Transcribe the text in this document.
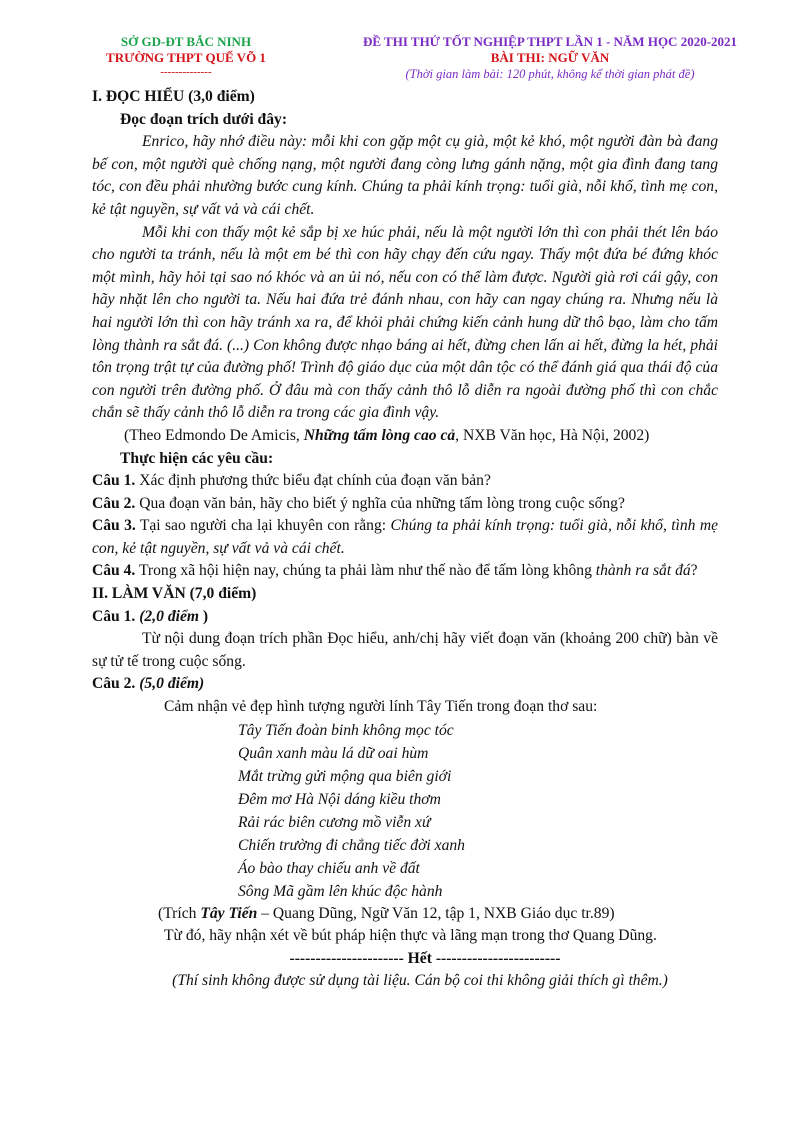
SỞ GD-ĐT BẮC NINH
TRƯỜNG THPT QUẾ VÕ 1
--------------
ĐỀ THI THỬ TỐT NGHIỆP THPT LẦN 1 - NĂM HỌC 2020-2021
BÀI THI: NGỮ VĂN
(Thời gian làm bài: 120 phút, không kể thời gian phát đề)

I. ĐỌC HIỂU (3,0 điểm)

Đọc đoạn trích dưới đây:

Enrico, hãy nhớ điều này: mỗi khi con gặp một cụ già, một kẻ khó, một người đàn bà đang bế con, một người què chống nạng, một người đang còng lưng gánh nặng, một gia đình đang tang tóc, con đều phải nhường bước cung kính. Chúng ta phải kính trọng: tuổi già, nỗi khổ, tình mẹ con, kẻ tật nguyền, sự vất vả và cái chết.

Mỗi khi con thấy một kẻ sắp bị xe húc phải, nếu là một người lớn thì con phải thét lên báo cho người ta tránh, nếu là một em bé thì con hãy chạy đến cứu ngay. Thấy một đứa bé đứng khóc một mình, hãy hỏi tại sao nó khóc và an ủi nó, nếu con có thể làm được. Người già rơi cái gậy, con hãy nhặt lên cho người ta. Nếu hai đứa trẻ đánh nhau, con hãy can ngay chúng ra. Nhưng nếu là hai người lớn thì con hãy tránh xa ra, để khỏi phải chứng kiến cảnh hung dữ thô bạo, làm cho tấm lòng thành ra sắt đá. (...) Con không được nhạo báng ai hết, đừng chen lấn ai hết, đừng la hét, phải tôn trọng trật tự của đường phố! Trình độ giáo dục của một dân tộc có thể đánh giá qua thái độ của con người trên đường phố. Ở đâu mà con thấy cảnh thô lỗ diễn ra ngoài đường phố thì con chắc chắn sẽ thấy cảnh thô lỗ diễn ra trong các gia đình vậy.

(Theo Edmondo De Amicis, Những tấm lòng cao cả, NXB Văn học, Hà Nội, 2002)

Thực hiện các yêu cầu:

Câu 1. Xác định phương thức biểu đạt chính của đoạn văn bản?

Câu 2. Qua đoạn văn bản, hãy cho biết ý nghĩa của những tấm lòng trong cuộc sống?

Câu 3. Tại sao người cha lại khuyên con rằng: Chúng ta phải kính trọng: tuổi già, nỗi khổ, tình mẹ con, kẻ tật nguyền, sự vất vả và cái chết.

Câu 4. Trong xã hội hiện nay, chúng ta phải làm như thế nào để tấm lòng không thành ra sắt đá?

II. LÀM VĂN (7,0 điểm)

Câu 1. (2,0 điểm )

Từ nội dung đoạn trích phần Đọc hiểu, anh/chị hãy viết đoạn văn (khoảng 200 chữ) bàn về sự tử tế trong cuộc sống.

Câu 2. (5,0 điểm)

Cảm nhận vẻ đẹp hình tượng người lính Tây Tiến trong đoạn thơ sau:

Tây Tiến đoàn binh không mọc tóc
Quân xanh màu lá dữ oai hùm
Mắt trừng gửi mộng qua biên giới
Đêm mơ Hà Nội dáng kiều thơm
Rải rác biên cương mồ viễn xứ
Chiến trường đi chẳng tiếc đời xanh
Áo bào thay chiếu anh về đất
Sông Mã gầm lên khúc độc hành

(Trích Tây Tiến – Quang Dũng, Ngữ Văn 12, tập 1, NXB Giáo dục tr.89)

Từ đó, hãy nhận xét về bút pháp hiện thực và lãng mạn trong thơ Quang Dũng.

---------------------- Hết ------------------------

(Thí sinh không được sử dụng tài liệu. Cán bộ coi thi không giải thích gì thêm.)
